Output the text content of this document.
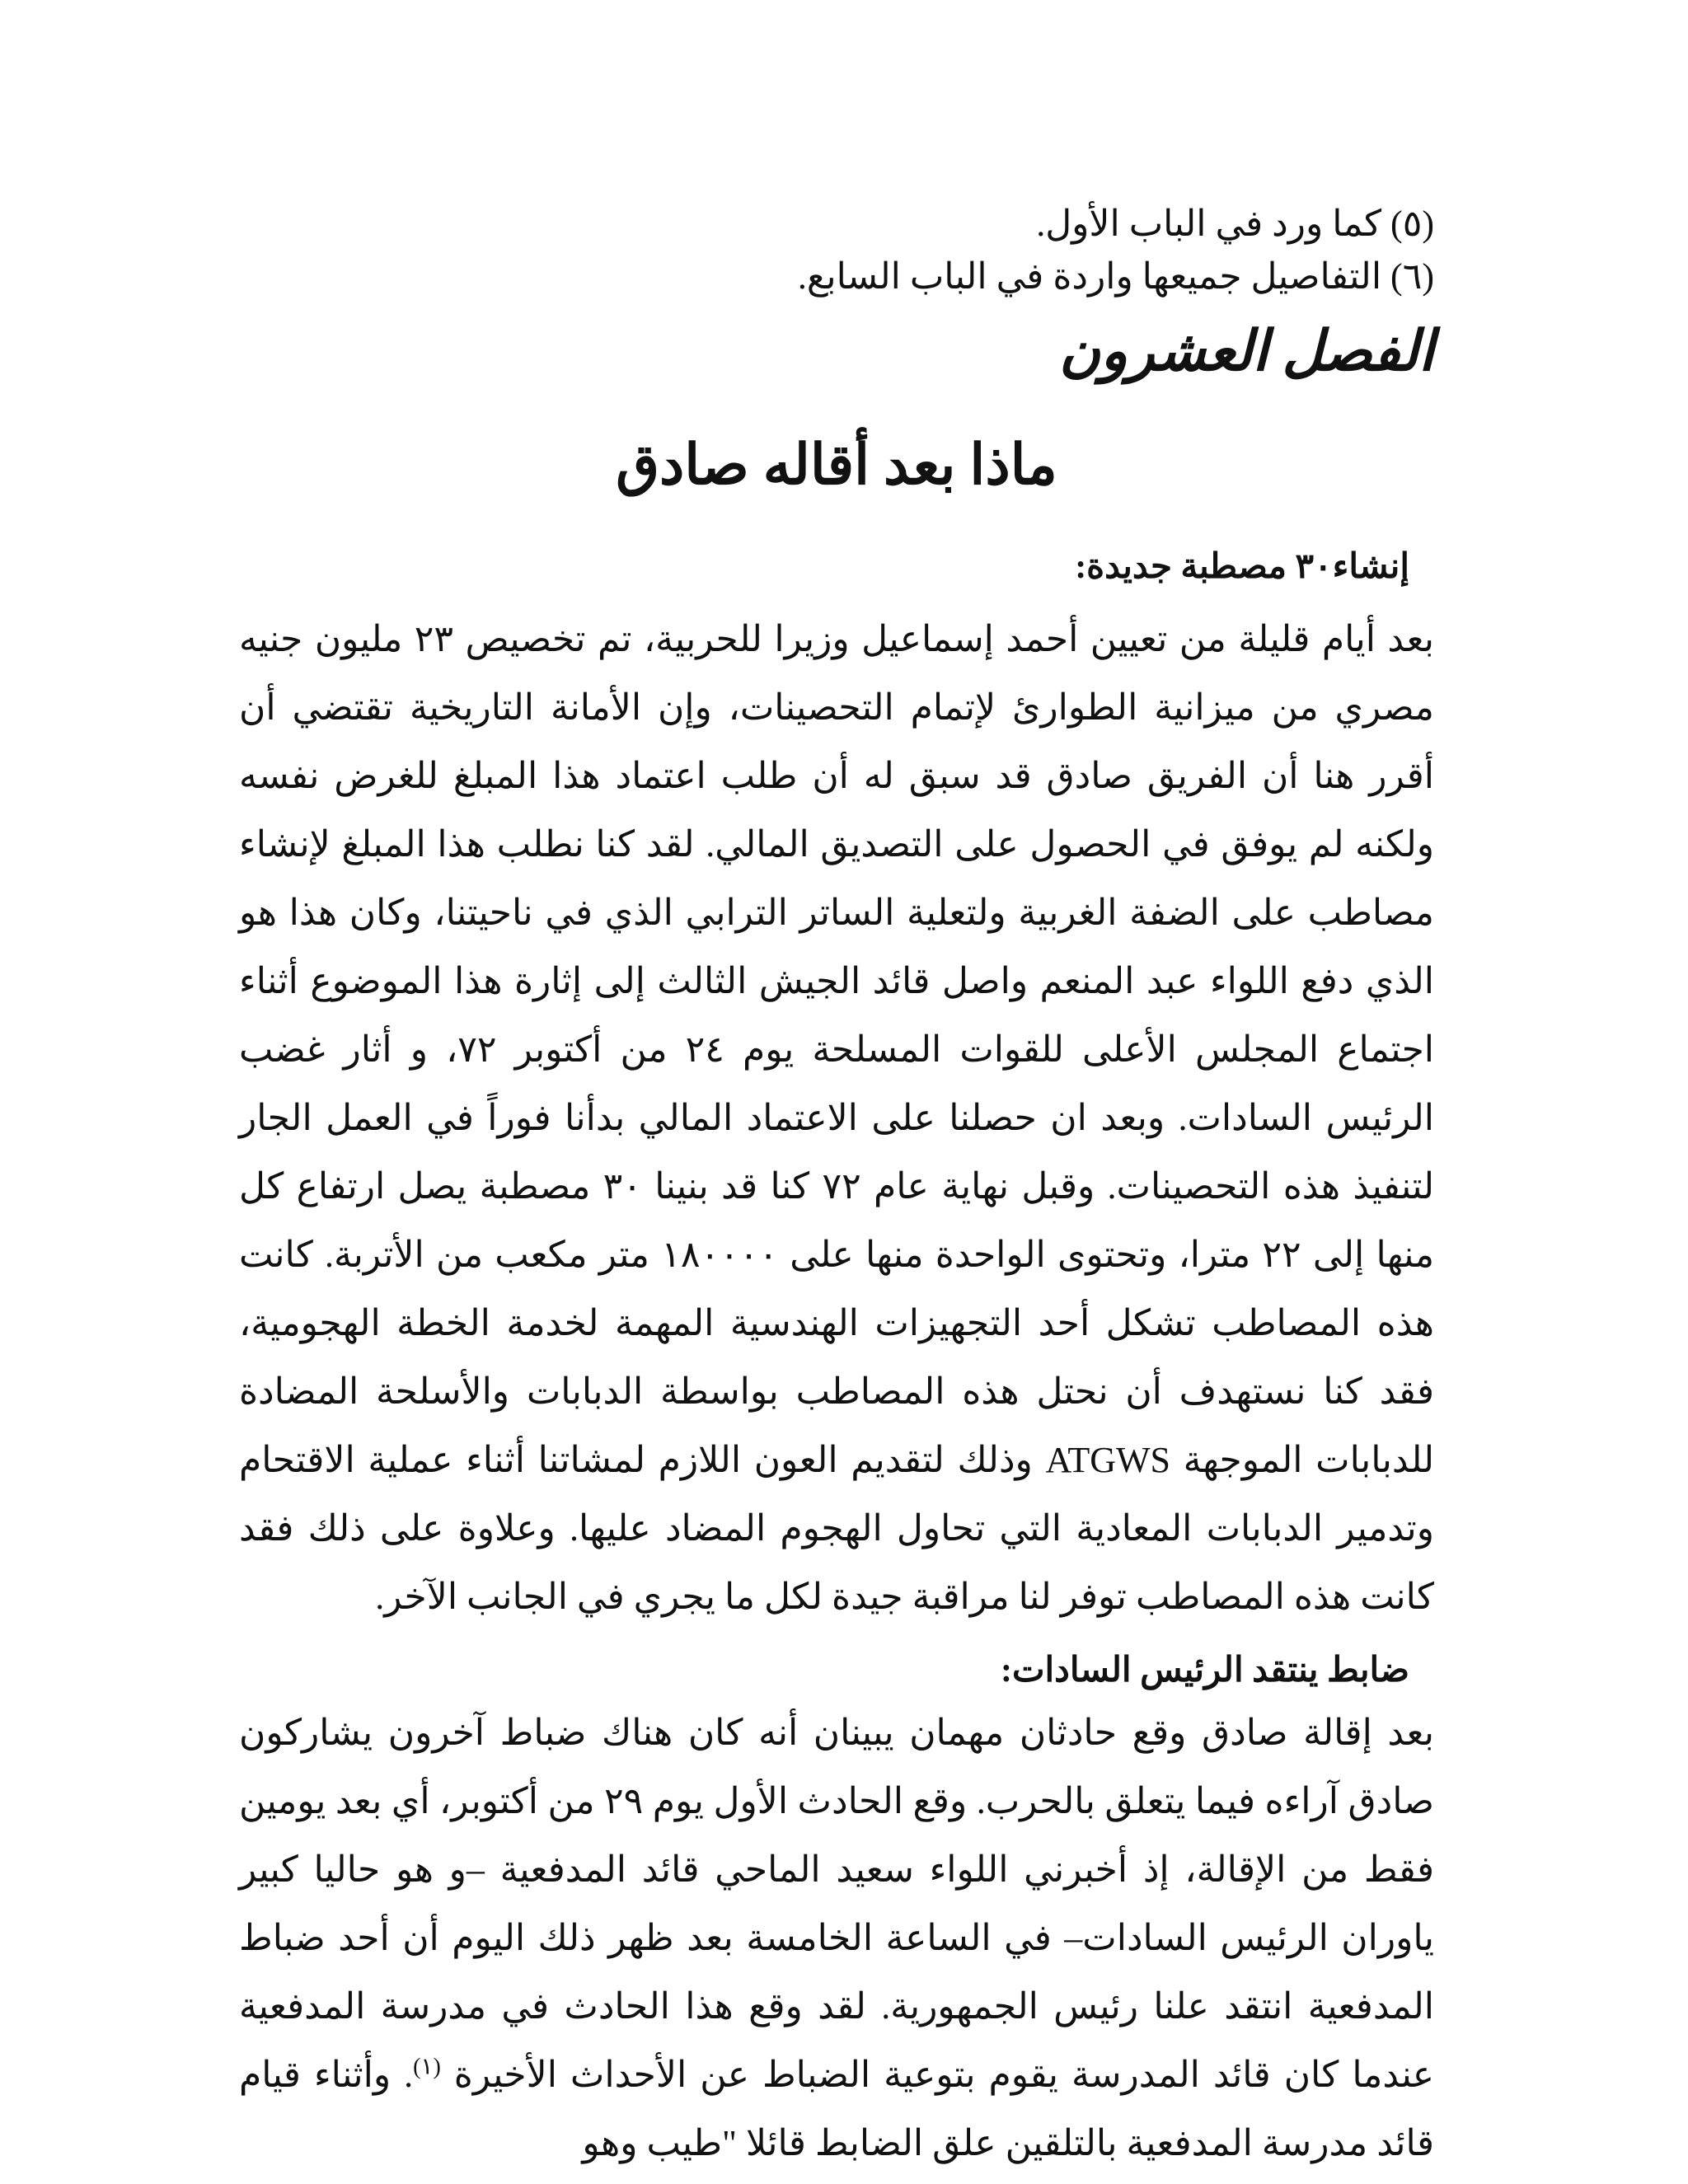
(٥) كما ورد في الباب الأول.

(٦) التفاصيل جميعها واردة في الباب السابع.

الفصل العشرون
ماذا بعد أقاله صادق
إنشاء٣٠ مصطبة جديدة:

بعد أيام قليلة من تعيين أحمد إسماعيل وزيرا للحربية، تم تخصيص ٢٣ مليون جنيه مصري من ميزانية الطوارئ لإتمام التحصينات، وإن الأمانة التاريخية تقتضي أن أقرر هنا أن الفريق صادق قد سبق له أن طلب اعتماد هذا المبلغ للغرض نفسه ولكنه لم يوفق في الحصول على التصديق المالي. لقد كنا نطلب هذا المبلغ لإنشاء مصاطب على الضفة الغربية ولتعلية الساتر الترابي الذي في ناحيتنا، وكان هذا هو الذي دفع اللواء عبد المنعم واصل قائد الجيش الثالث إلى إثارة هذا الموضوع أثناء اجتماع المجلس الأعلى للقوات المسلحة يوم ٢٤ من أكتوبر ٧٢، و أثار غضب الرئيس السادات. وبعد ان حصلنا على الاعتماد المالي بدأنا فوراً في العمل الجار لتنفيذ هذه التحصينات. وقبل نهاية عام ٧٢ كنا قد بنينا ٣٠ مصطبة يصل ارتفاع كل منها إلى ٢٢ مترا، وتحتوى الواحدة منها على ١٨٠٠٠٠ متر مكعب من الأتربة. كانت هذه المصاطب تشكل أحد التجهيزات الهندسية المهمة لخدمة الخطة الهجومية، فقد كنا نستهدف أن نحتل هذه المصاطب بواسطة الدبابات والأسلحة المضادة للدبابات الموجهة ATGWS وذلك لتقديم العون اللازم لمشاتنا أثناء عملية الاقتحام وتدمير الدبابات المعادية التي تحاول الهجوم المضاد عليها. وعلاوة على ذلك فقد كانت هذه المصاطب توفر لنا مراقبة جيدة لكل ما يجري في الجانب الآخر.

ضابط ينتقد الرئيس السادات:

بعد إقالة صادق وقع حادثان مهمان يبينان أنه كان هناك ضباط آخرون يشاركون صادق آراءه فيما يتعلق بالحرب. وقع الحادث الأول يوم ٢٩ من أكتوبر، أي بعد يومين فقط من الإقالة، إذ أخبرني اللواء سعيد الماحي قائد المدفعية –و هو حاليا كبير ياوران الرئيس السادات– في الساعة الخامسة بعد ظهر ذلك اليوم أن أحد ضباط المدفعية انتقد علنا رئيس الجمهورية. لقد وقع هذا الحادث في مدرسة المدفعية عندما كان قائد المدرسة يقوم بتوعية الضباط عن الأحداث الأخيرة $^{(١)}$. وأثناء قيام قائد مدرسة المدفعية بالتلقين علق الضابط قائلا "طيب وهو
